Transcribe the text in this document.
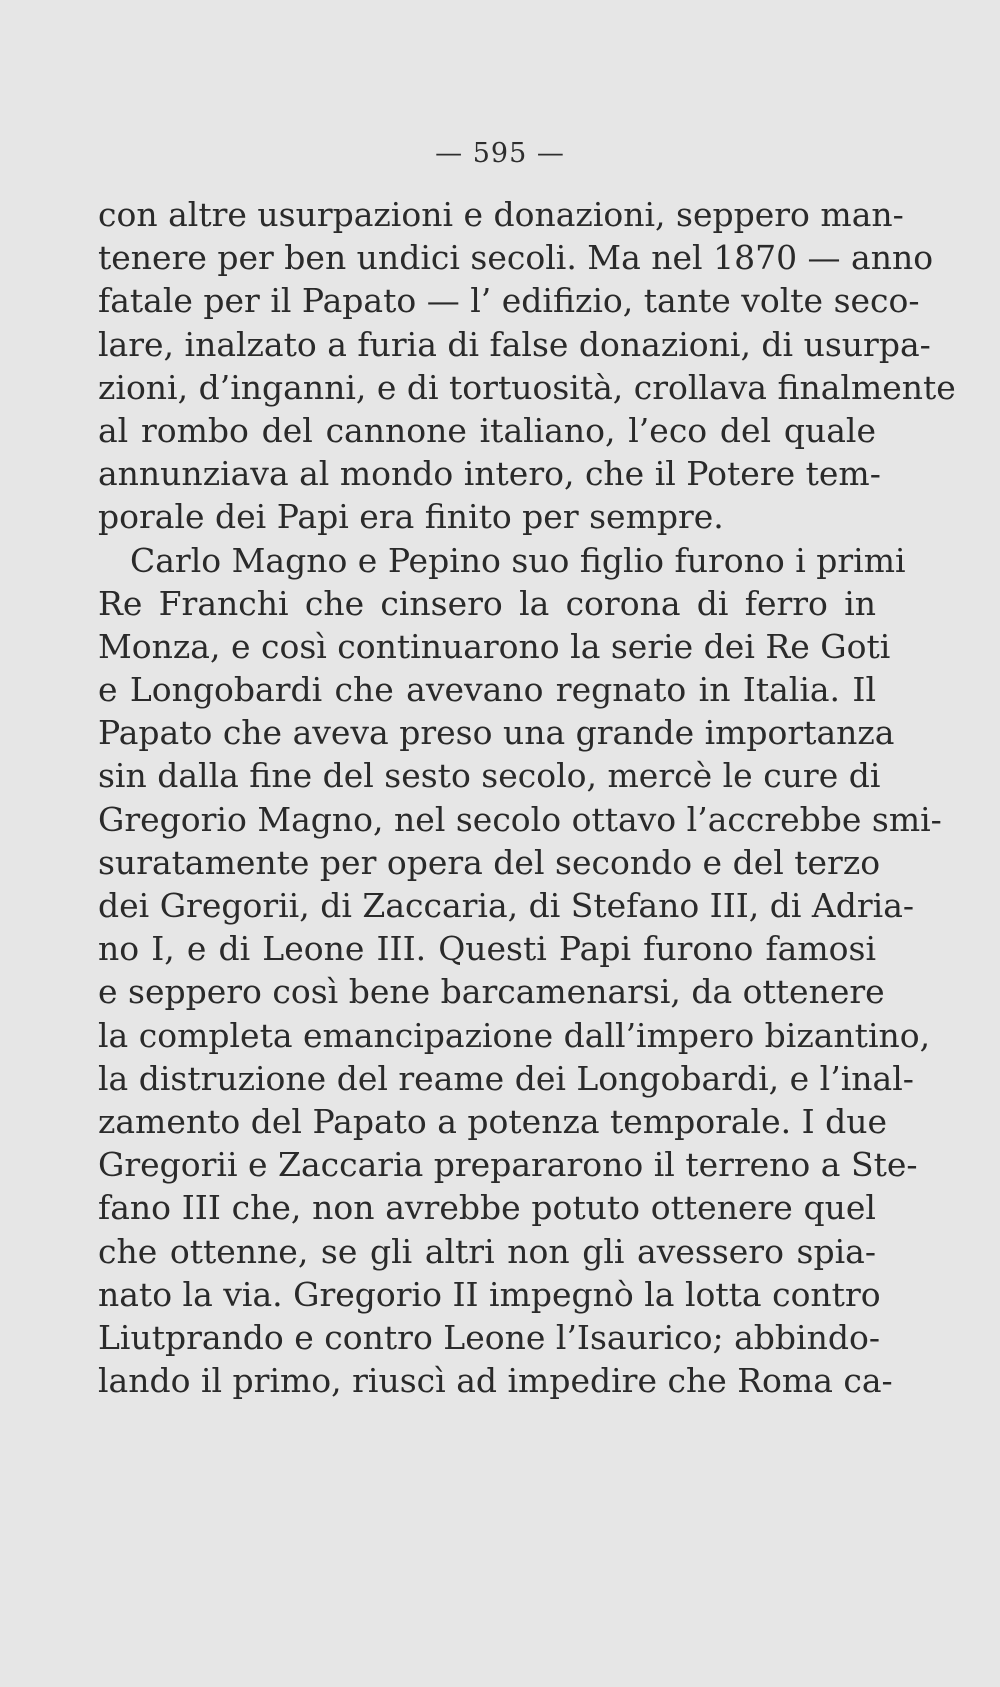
— 595 —
con altre usurpazioni e donazioni, seppero man-
tenere per ben undici secoli. Ma nel 1870 — anno
fatale per il Papato — l’ edifizio, tante volte seco-
lare, inalzato a furia di false donazioni, di usurpa-
zioni, d’inganni, e di tortuosità, crollava finalmente
al rombo del cannone italiano, l’eco del quale
annunziava al mondo intero, che il Potere tem-
porale dei Papi era finito per sempre.
Carlo Magno e Pepino suo figlio furono i primi
Re Franchi che cinsero la corona di ferro in
Monza, e così continuarono la serie dei Re Goti
e Longobardi che avevano regnato in Italia. Il
Papato che aveva preso una grande importanza
sin dalla fine del sesto secolo, mercè le cure di
Gregorio Magno, nel secolo ottavo l’accrebbe smi-
suratamente per opera del secondo e del terzo
dei Gregorii, di Zaccaria, di Stefano III, di Adria-
no I, e di Leone III. Questi Papi furono famosi
e seppero così bene barcamenarsi, da ottenere
la completa emancipazione dall’impero bizantino,
la distruzione del reame dei Longobardi, e l’inal-
zamento del Papato a potenza temporale. I due
Gregorii e Zaccaria prepararono il terreno a Ste-
fano III che, non avrebbe potuto ottenere quel
che ottenne, se gli altri non gli avessero spia-
nato la via. Gregorio II impegnò la lotta contro
Liutprando e contro Leone l’Isaurico; abbindo-
lando il primo, riuscì ad impedire che Roma ca-
